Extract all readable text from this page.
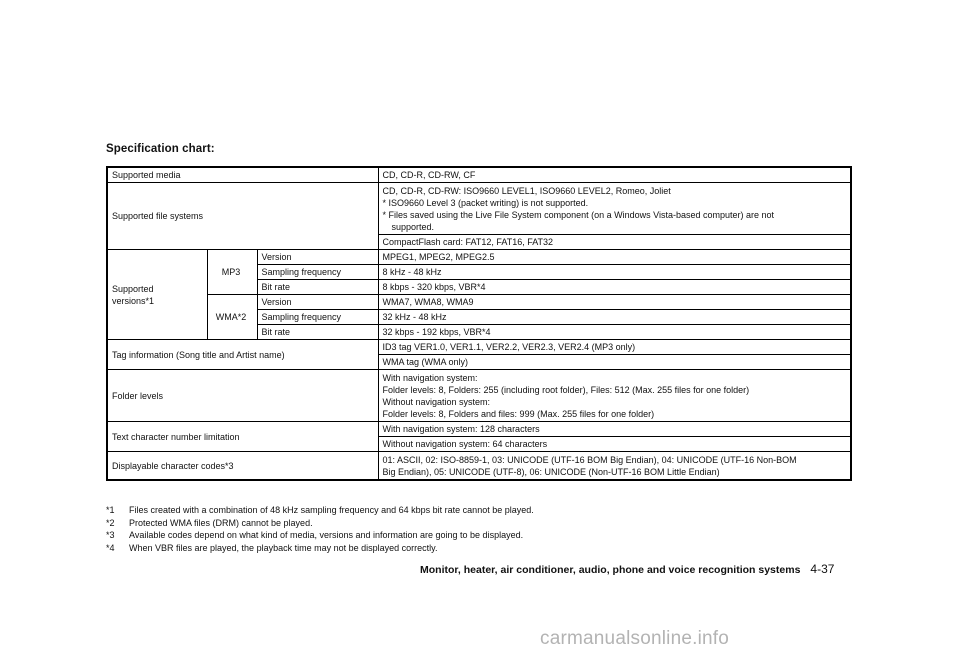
Specification chart:
Supported media			CD, CD-R, CD-RW, CF
Supported file systems			CD, CD-R, CD-RW: ISO9660 LEVEL1, ISO9660 LEVEL2, Romeo, Joliet
* ISO9660 Level 3 (packet writing) is not supported.
* Files saved using the Live File System component (on a Windows Vista-based computer) are not
supported.

			CompactFlash card: FAT12, FAT16, FAT32

Supported
versions*1	MP3	Version	MPEG1, MPEG2, MPEG2.5
		Sampling frequency	8 kHz - 48 kHz
		Bit rate	8 kbps - 320 kbps, VBR*4
	WMA*2	Version	WMA7, WMA8, WMA9
		Sampling frequency	32 kHz - 48 kHz
		Bit rate	32 kbps - 192 kbps, VBR*4
Tag information (Song title and Artist name)			ID3 tag VER1.0, VER1.1, VER2.2, VER2.3, VER2.4 (MP3 only)
			WMA tag (WMA only)
Folder levels			With navigation system:
Folder levels: 8, Folders: 255 (including root folder), Files: 512 (Max. 255 files for one folder)
Without navigation system:
Folder levels: 8, Folders and files: 999 (Max. 255 files for one folder)

Text character number limitation			With navigation system: 128 characters
			Without navigation system: 64 characters
Displayable character codes*3			01: ASCII, 02: ISO-8859-1, 03: UNICODE (UTF-16 BOM Big Endian), 04: UNICODE (UTF-16 Non-BOM
Big Endian), 05: UNICODE (UTF-8), 06: UNICODE (Non-UTF-16 BOM Little Endian)
*1	Files created with a combination of 48 kHz sampling frequency and 64 kbps bit rate cannot be played.
*2	Protected WMA files (DRM) cannot be played.
*3	Available codes depend on what kind of media, versions and information are going to be displayed.
*4	When VBR files are played, the playback time may not be displayed correctly.
Monitor, heater, air conditioner, audio, phone and voice recognition systems 4-37
carmanualsonline.info
